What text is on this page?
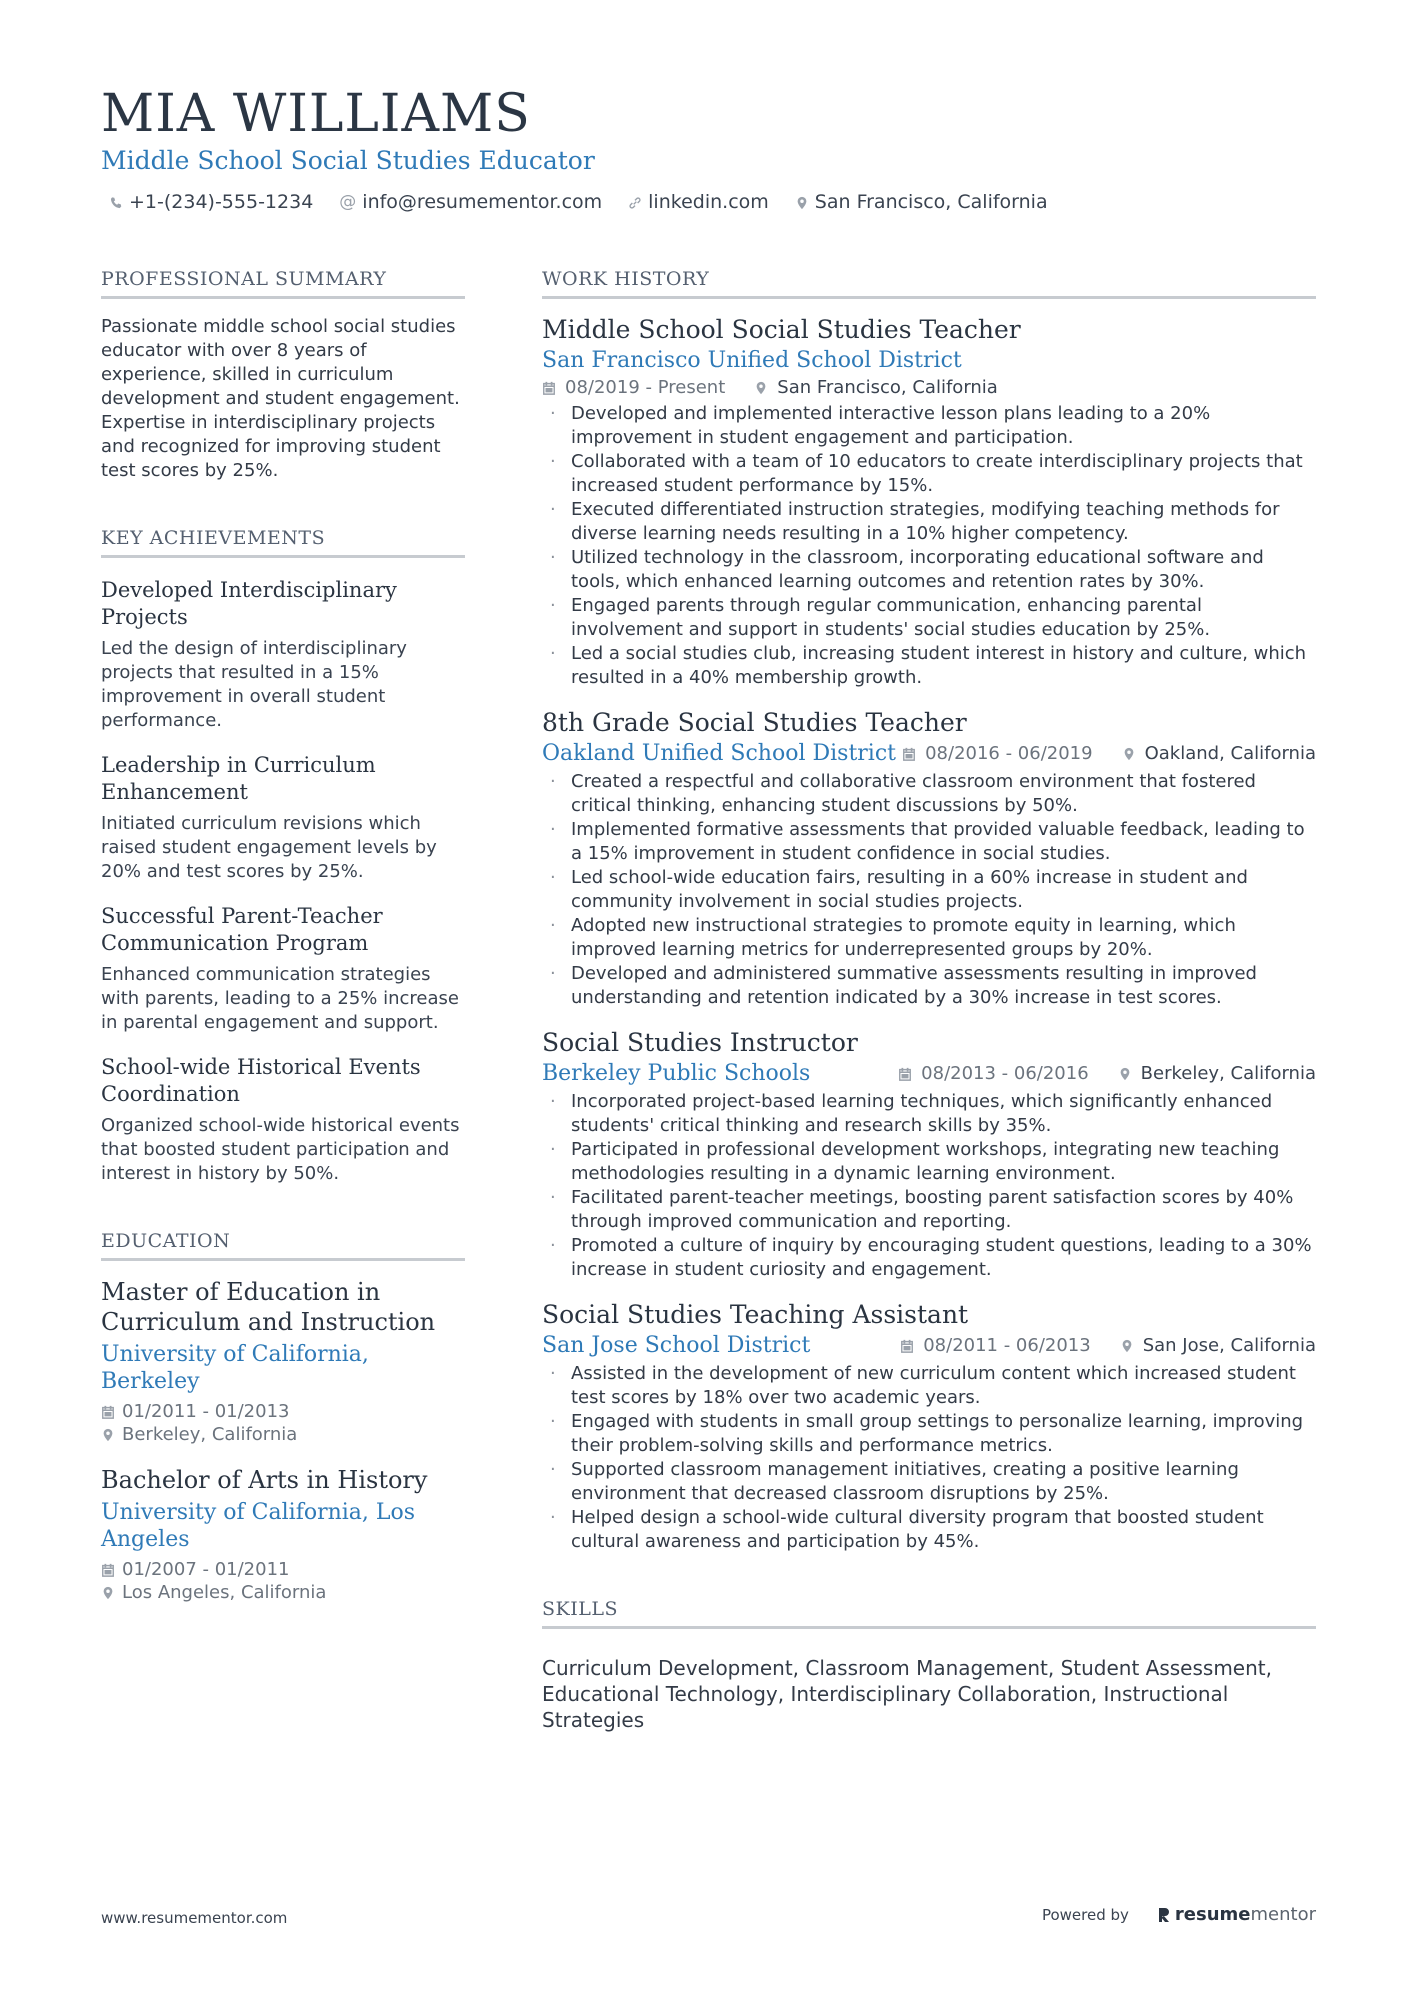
MIA WILLIAMS
Middle School Social Studies Educator
+1-(234)-555-1234 @ info@resumementor.com linkedin.com San Francisco, California
PROFESSIONAL SUMMARY
Passionate middle school social studies educator with over 8 years of experience, skilled in curriculum development and student engagement. Expertise in interdisciplinary projects and recognized for improving student test scores by 25%.
KEY ACHIEVEMENTS
Developed Interdisciplinary Projects
Led the design of interdisciplinary projects that resulted in a 15% improvement in overall student performance.
Leadership in Curriculum Enhancement
Initiated curriculum revisions which raised student engagement levels by 20% and test scores by 25%.
Successful Parent-Teacher Communication Program
Enhanced communication strategies with parents, leading to a 25% increase in parental engagement and support.
School-wide Historical Events Coordination
Organized school-wide historical events that boosted student participation and interest in history by 50%.
EDUCATION
Master of Education in Curriculum and Instruction
University of California, Berkeley
01/2011 - 01/2013
Berkeley, California
Bachelor of Arts in History
University of California, Los Angeles
01/2007 - 01/2011
Los Angeles, California
WORK HISTORY
Middle School Social Studies Teacher
San Francisco Unified School District
08/2019 - Present	San Francisco, California
· Developed and implemented interactive lesson plans leading to a 20% improvement in student engagement and participation.
· Collaborated with a team of 10 educators to create interdisciplinary projects that increased student performance by 15%.
· Executed differentiated instruction strategies, modifying teaching methods for diverse learning needs resulting in a 10% higher competency.
· Utilized technology in the classroom, incorporating educational software and tools, which enhanced learning outcomes and retention rates by 30%.
· Engaged parents through regular communication, enhancing parental involvement and support in students' social studies education by 25%.
· Led a social studies club, increasing student interest in history and culture, which resulted in a 40% membership growth.
8th Grade Social Studies Teacher
Oakland Unified School District 08/2016 - 06/2019	Oakland, California
· Created a respectful and collaborative classroom environment that fostered critical thinking, enhancing student discussions by 50%.
· Implemented formative assessments that provided valuable feedback, leading to a 15% improvement in student confidence in social studies.
· Led school-wide education fairs, resulting in a 60% increase in student and community involvement in social studies projects.
· Adopted new instructional strategies to promote equity in learning, which improved learning metrics for underrepresented groups by 20%.
· Developed and administered summative assessments resulting in improved understanding and retention indicated by a 30% increase in test scores.
Social Studies Instructor
Berkeley Public Schools	08/2013 - 06/2016	Berkeley, California
· Incorporated project-based learning techniques, which significantly enhanced students' critical thinking and research skills by 35%.
· Participated in professional development workshops, integrating new teaching methodologies resulting in a dynamic learning environment.
· Facilitated parent-teacher meetings, boosting parent satisfaction scores by 40% through improved communication and reporting.
· Promoted a culture of inquiry by encouraging student questions, leading to a 30% increase in student curiosity and engagement.
Social Studies Teaching Assistant
San Jose School District	08/2011 - 06/2013	San Jose, California
· Assisted in the development of new curriculum content which increased student test scores by 18% over two academic years.
· Engaged with students in small group settings to personalize learning, improving their problem-solving skills and performance metrics.
· Supported classroom management initiatives, creating a positive learning environment that decreased classroom disruptions by 25%.
· Helped design a school-wide cultural diversity program that boosted student cultural awareness and participation by 45%.
SKILLS
Curriculum Development, Classroom Management, Student Assessment, Educational Technology, Interdisciplinary Collaboration, Instructional Strategies
www.resumementor.com	Powered by	resume mentor
